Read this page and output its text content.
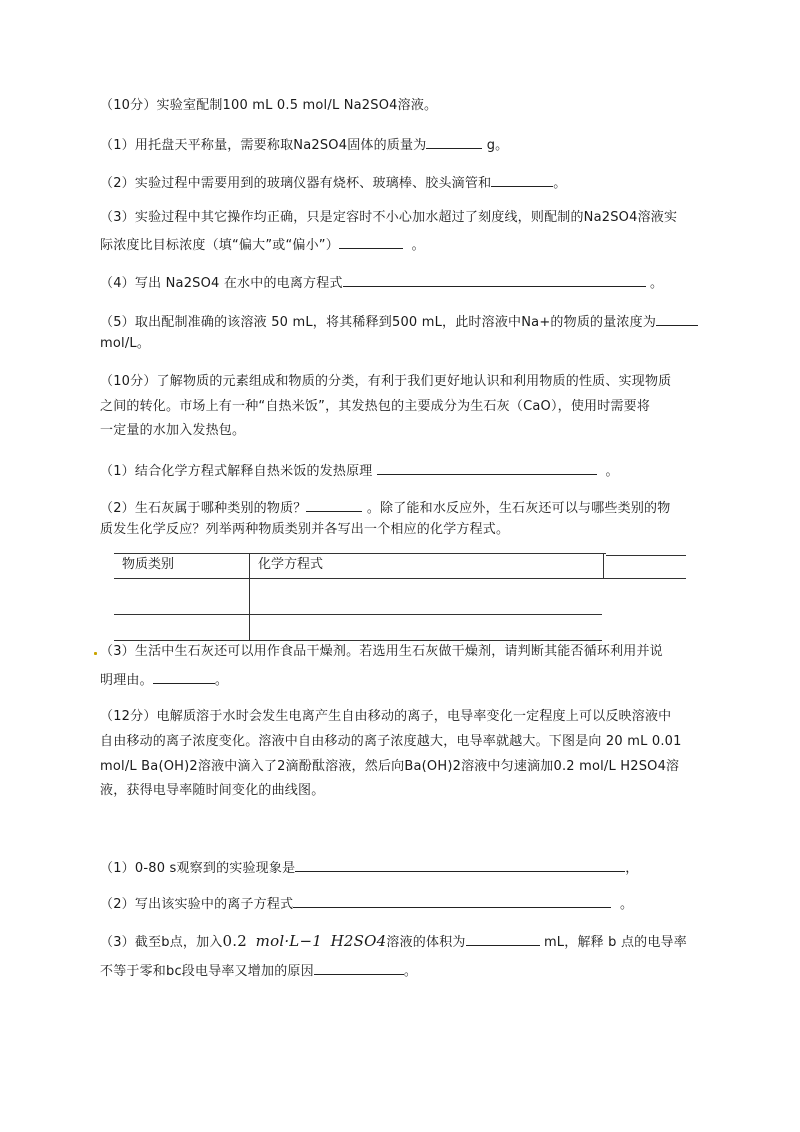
（10分）实验室配制100 mL 0.5 mol/L Na2SO4溶液。
（1）用托盘天平称量，需要称取Na2SO4固体的质量为	g。
（2）实验过程中需要用到的玻璃仪器有烧杯、玻璃棒、胶头滴管和	。
（3）实验过程中其它操作均正确，只是定容时不小心加水超过了刻度线，则配制的Na2SO4溶液实
际浓度比目标浓度（填“偏大”或“偏小”）	。
（4）写出 Na2SO4 在水中的电离方程式	。
（5）取出配制准确的该溶液 50 mL，将其稀释到500 mL，此时溶液中Na+的物质的量浓度为
mol/L。
（10分）了解物质的元素组成和物质的分类，有利于我们更好地认识和利用物质的性质、实现物质
之间的转化。市场上有一种“自热米饭”，其发热包的主要成分为生石灰（CaO），使用时需要将
一定量的水加入发热包。
（1）结合化学方程式解释自热米饭的发热原理	。
（2）生石灰属于哪种类别的物质？	。除了能和水反应外，生石灰还可以与哪些类别的物
质发生化学反应？列举两种物质类别并各写出一个相应的化学方程式。
物质类别	化学方程式
（3）生活中生石灰还可以用作食品干燥剂。若选用生石灰做干燥剂，请判断其能否循环利用并说
明理由。	。
（12分）电解质溶于水时会发生电离产生自由移动的离子，电导率变化一定程度上可以反映溶液中
自由移动的离子浓度变化。溶液中自由移动的离子浓度越大，电导率就越大。下图是向 20 mL 0.01
mol/L Ba(OH)2溶液中滴入了2滴酚酞溶液，然后向Ba(OH)2溶液中匀速滴加0.2 mol/L H2SO4溶
液，获得电导率随时间变化的曲线图。
（1）0-80 s观察到的实验现象是	，
（2）写出该实验中的离子方程式	。
（3）截至b点，加入0.2 mol·L−1 H2SO4溶液的体积为	mL，解释 b 点的电导率
不等于零和bc段电导率又增加的原因	。
